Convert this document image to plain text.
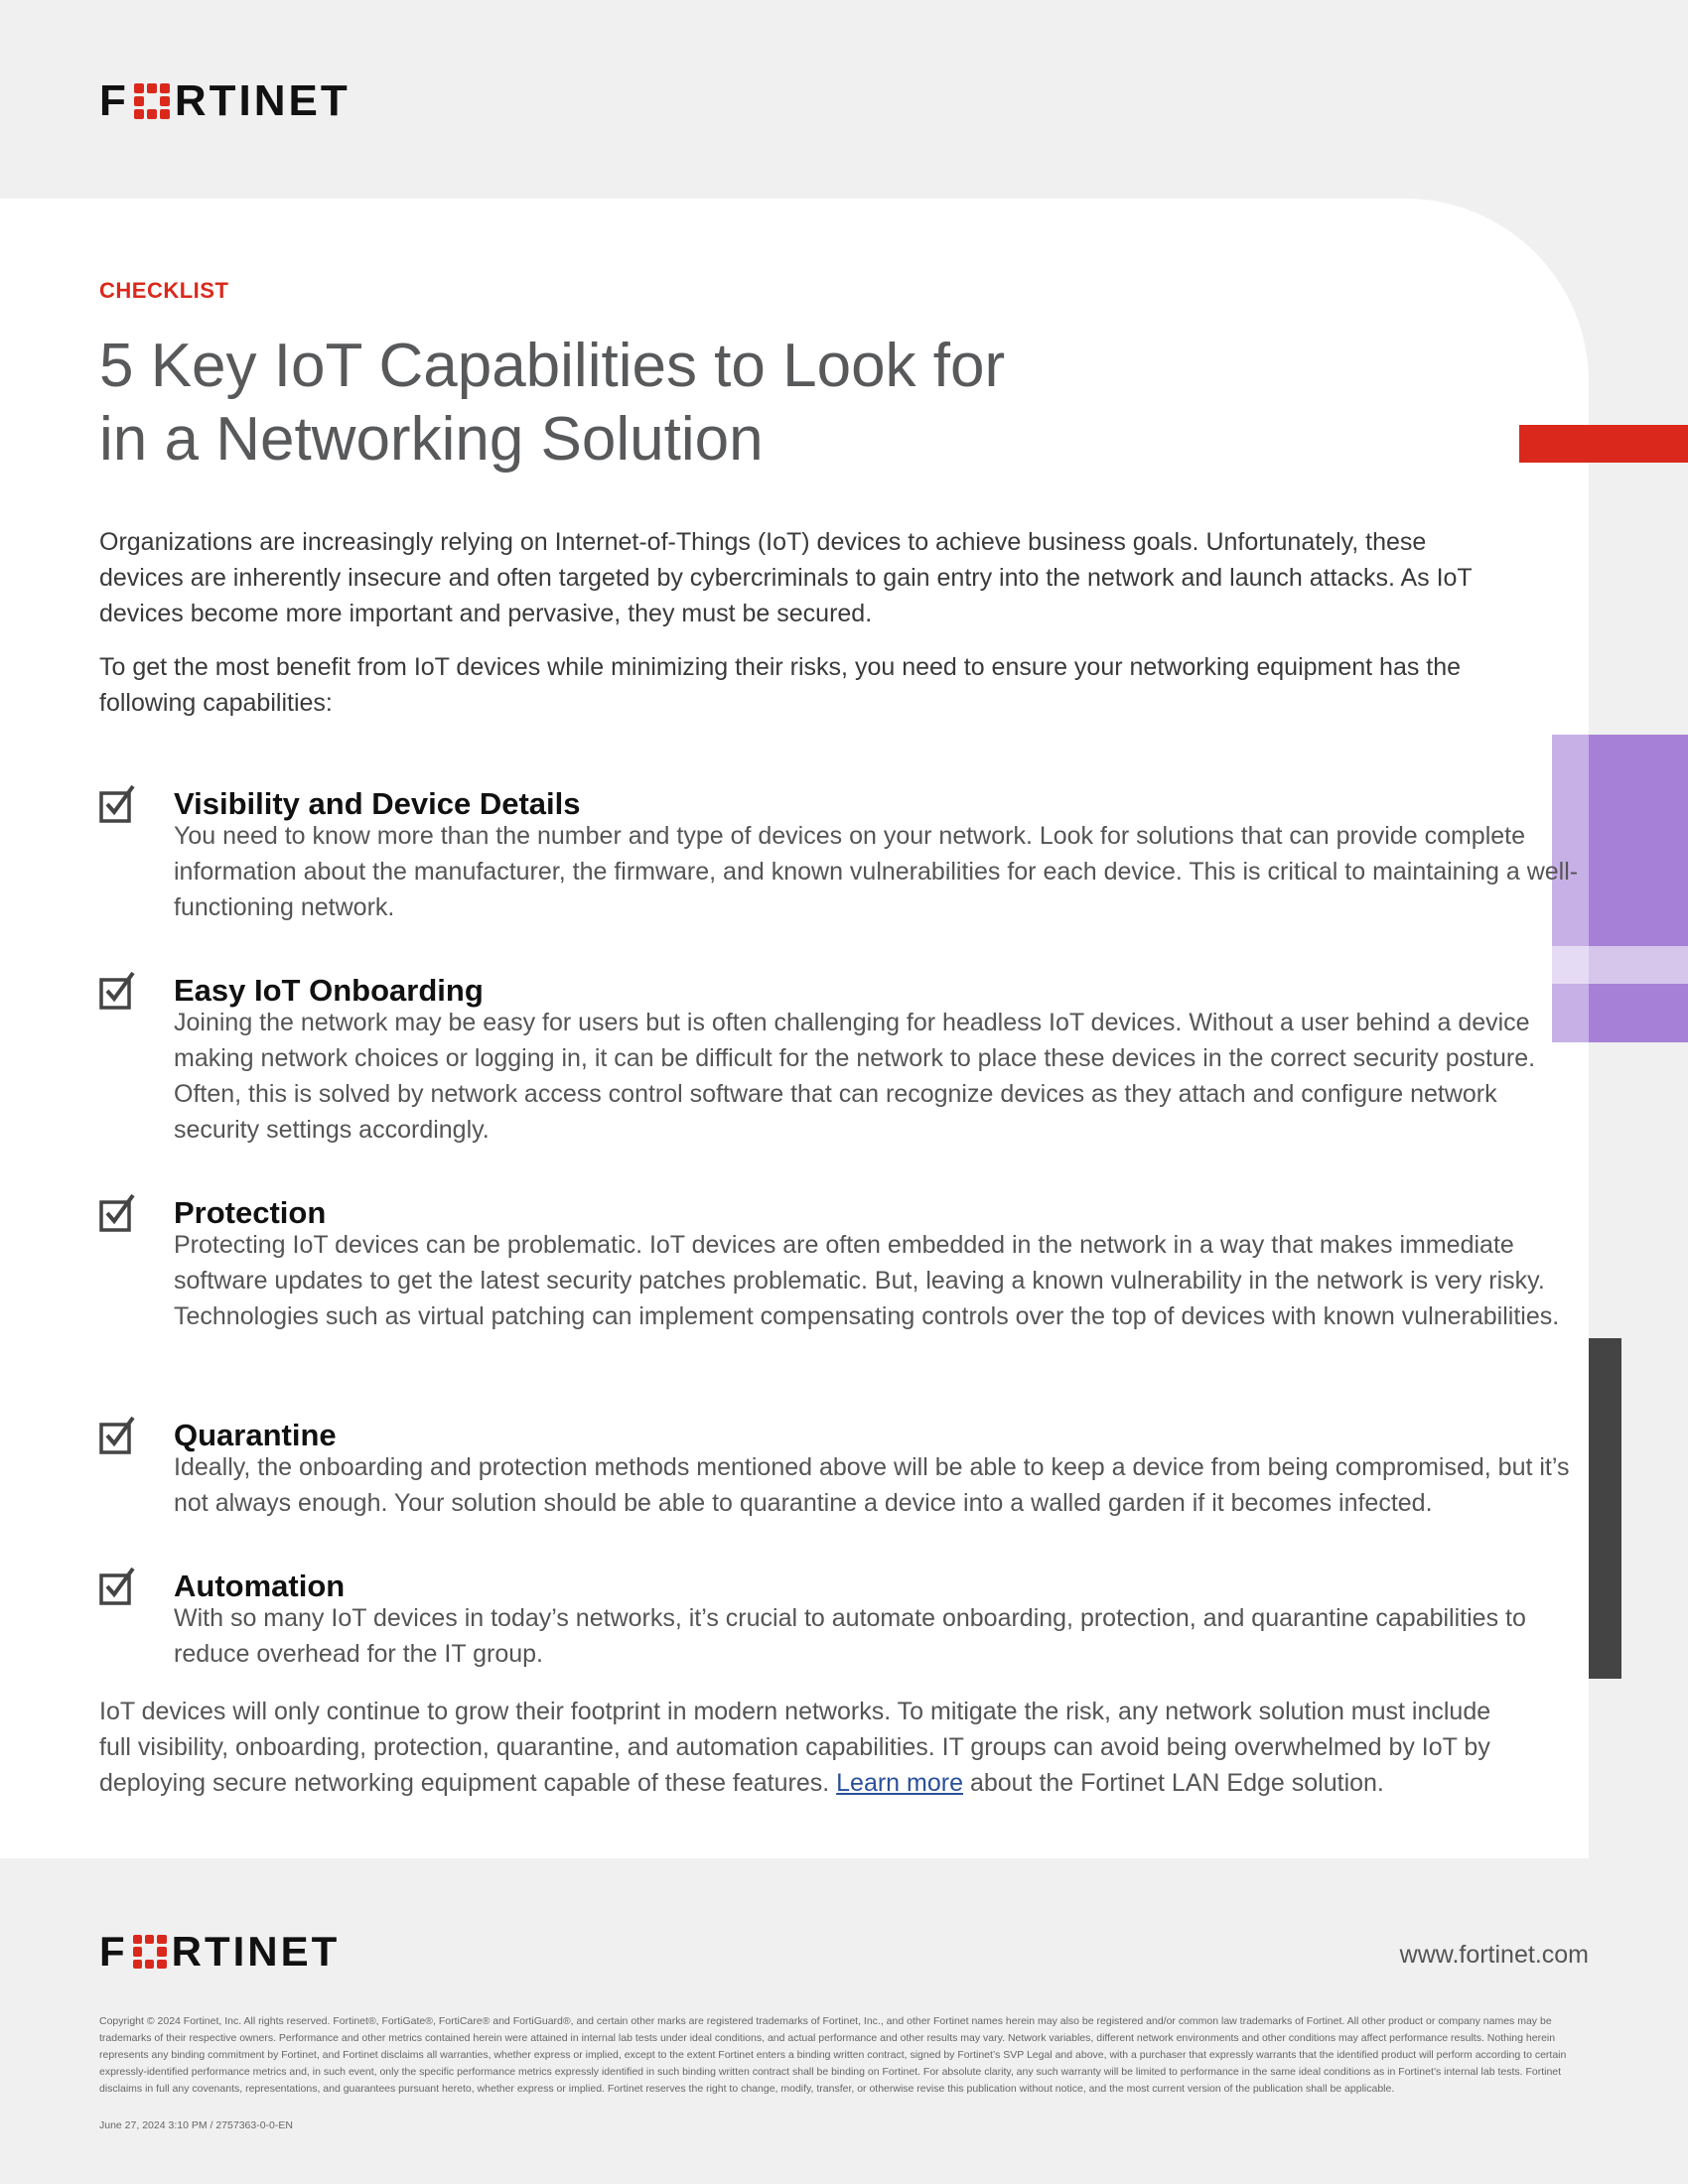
F RTINET
CHECKLIST
5 Key IoT Capabilities to Look for
in a Networking Solution

Organizations are increasingly relying on Internet-of-Things (IoT) devices to achieve business goals. Unfortunately, these devices are inherently insecure and often targeted by cybercriminals to gain entry into the network and launch attacks. As IoT devices become more important and pervasive, they must be secured.

To get the most benefit from IoT devices while minimizing their risks, you need to ensure your networking equipment has the following capabilities:

Visibility and Device Details

You need to know more than the number and type of devices on your network. Look for solutions that can provide complete information about the manufacturer, the firmware, and known vulnerabilities for each device. This is critical to maintaining a well-functioning network.

Easy IoT Onboarding

Joining the network may be easy for users but is often challenging for headless IoT devices. Without a user behind a device making network choices or logging in, it can be difficult for the network to place these devices in the correct security posture. Often, this is solved by network access control software that can recognize devices as they attach and configure network security settings accordingly.

Protection

Protecting IoT devices can be problematic. IoT devices are often embedded in the network in a way that makes immediate software updates to get the latest security patches problematic. But, leaving a known vulnerability in the network is very risky. Technologies such as virtual patching can implement compensating controls over the top of devices with known vulnerabilities.

Quarantine

Ideally, the onboarding and protection methods mentioned above will be able to keep a device from being compromised, but it’s not always enough. Your solution should be able to quarantine a device into a walled garden if it becomes infected.

Automation

With so many IoT devices in today’s networks, it’s crucial to automate onboarding, protection, and quarantine capabilities to reduce overhead for the IT group.

IoT devices will only continue to grow their footprint in modern networks. To mitigate the risk, any network solution must include full visibility, onboarding, protection, quarantine, and automation capabilities. IT groups can avoid being overwhelmed by IoT by deploying secure networking equipment capable of these features. Learn more about the Fortinet LAN Edge solution.

F RTINET	www.fortinet.com

Copyright © 2024 Fortinet, Inc. All rights reserved. Fortinet®, FortiGate®, FortiCare® and FortiGuard®, and certain other marks are registered trademarks of Fortinet, Inc., and other Fortinet names herein may also be registered and/or common law trademarks of Fortinet. All other product or company names may be trademarks of their respective owners. Performance and other metrics contained herein were attained in internal lab tests under ideal conditions, and actual performance and other results may vary. Network variables, different network environments and other conditions may affect performance results. Nothing herein represents any binding commitment by Fortinet, and Fortinet disclaims all warranties, whether express or implied, except to the extent Fortinet enters a binding written contract, signed by Fortinet’s SVP Legal and above, with a purchaser that expressly warrants that the identified product will perform according to certain expressly-identified performance metrics and, in such event, only the specific performance metrics expressly identified in such binding written contract shall be binding on Fortinet. For absolute clarity, any such warranty will be limited to performance in the same ideal conditions as in Fortinet’s internal lab tests. Fortinet disclaims in full any covenants, representations, and guarantees pursuant hereto, whether express or implied. Fortinet reserves the right to change, modify, transfer, or otherwise revise this publication without notice, and the most current version of the publication shall be applicable.

June 27, 2024 3:10 PM / 2757363-0-0-EN
